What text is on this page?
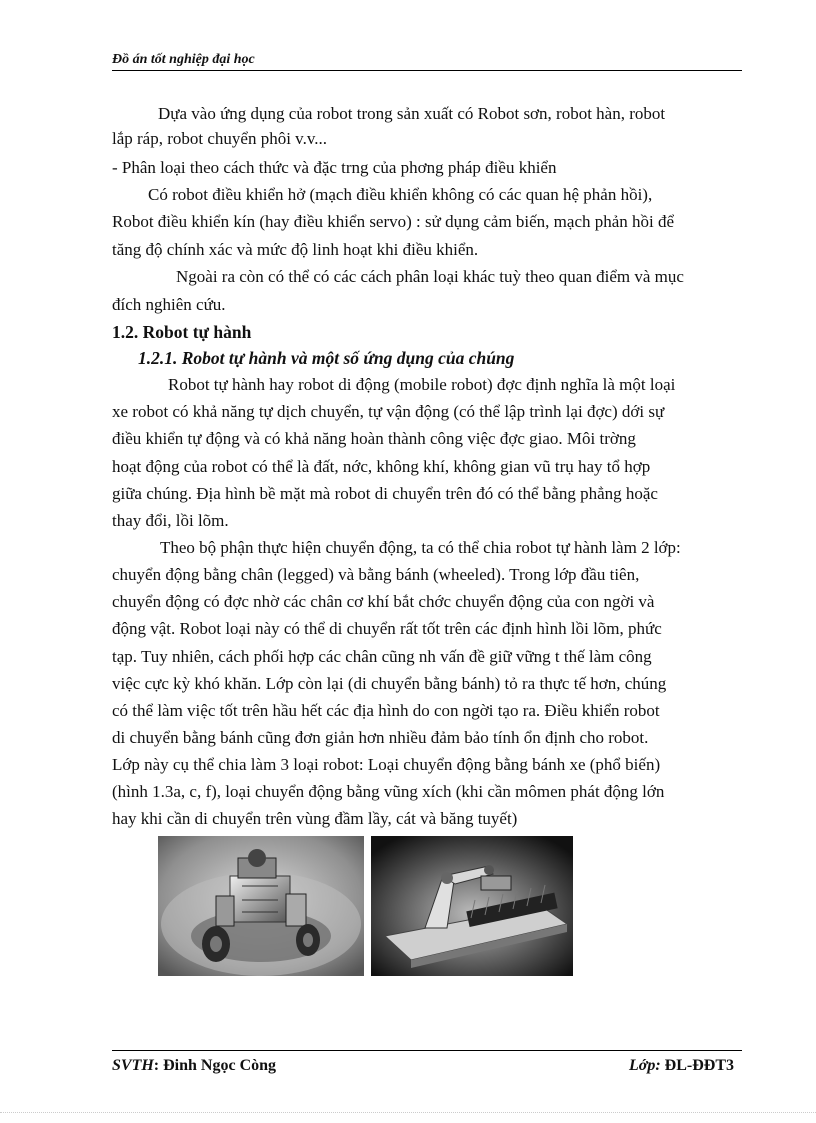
Đồ án tốt nghiệp đại học
Dựa vào ứng dụng của robot trong sản xuất có Robot sơn, robot hàn, robot
lắp ráp, robot chuyển phôi v.v...
- Phân loại theo cách thức và đặc trng của phơng pháp điều khiển
Có robot điều khiển hở (mạch điều khiển không có các quan hệ phản hồi),
Robot điều khiển kín (hay điều khiển servo) : sử dụng cảm biến, mạch phản hồi để
tăng độ chính xác và mức độ linh hoạt khi điều khiển.
Ngoài ra còn có thể có các cách phân loại khác tuỳ theo quan điểm và mục
đích nghiên cứu.
1.2. Robot tự hành
1.2.1. Robot tự hành và một số ứng dụng của chúng
Robot tự hành hay robot di động (mobile robot) đợc định nghĩa là một loại
xe robot có khả năng tự dịch chuyển, tự vận động (có thể lập trình lại đợc) dới sự
điều khiển tự động và có khả năng hoàn thành công việc đợc giao. Môi trờng
hoạt động của robot có thể là đất, nớc, không khí, không gian vũ trụ hay tổ hợp
giữa chúng. Địa hình bề mặt mà robot di chuyển trên đó có thể bằng phẳng hoặc
thay đổi, lồi lõm.
Theo bộ phận thực hiện chuyển động, ta có thể chia robot tự hành làm 2 lớp:
chuyển động bằng chân (legged) và bằng bánh (wheeled). Trong lớp đầu tiên,
chuyển động có đợc nhờ các chân cơ khí bắt chớc chuyển động của con ngời và
động vật. Robot loại này có thể di chuyển rất tốt trên các định hình lồi lõm, phức
tạp. Tuy nhiên, cách phối hợp các chân cũng nh vấn đề giữ vững t thế làm công
việc cực kỳ khó khăn. Lớp còn lại (di chuyển bằng bánh) tỏ ra thực tế hơn, chúng
có thể làm việc tốt trên hầu hết các địa hình do con ngời tạo ra. Điều khiển robot
di chuyển bằng bánh cũng đơn giản hơn nhiều đảm bảo tính ổn định cho robot.
Lớp này cụ thể chia làm 3 loại robot: Loại chuyển động bằng bánh xe (phổ biến)
(hình 1.3a, c, f), loại chuyển động bằng vũng xích (khi cần mômen phát động lớn
hay khi cần di chuyển trên vùng đầm lầy, cát và băng tuyết)
SVTH: Đinh Ngọc Còng	Lớp: ĐL-ĐĐT3
